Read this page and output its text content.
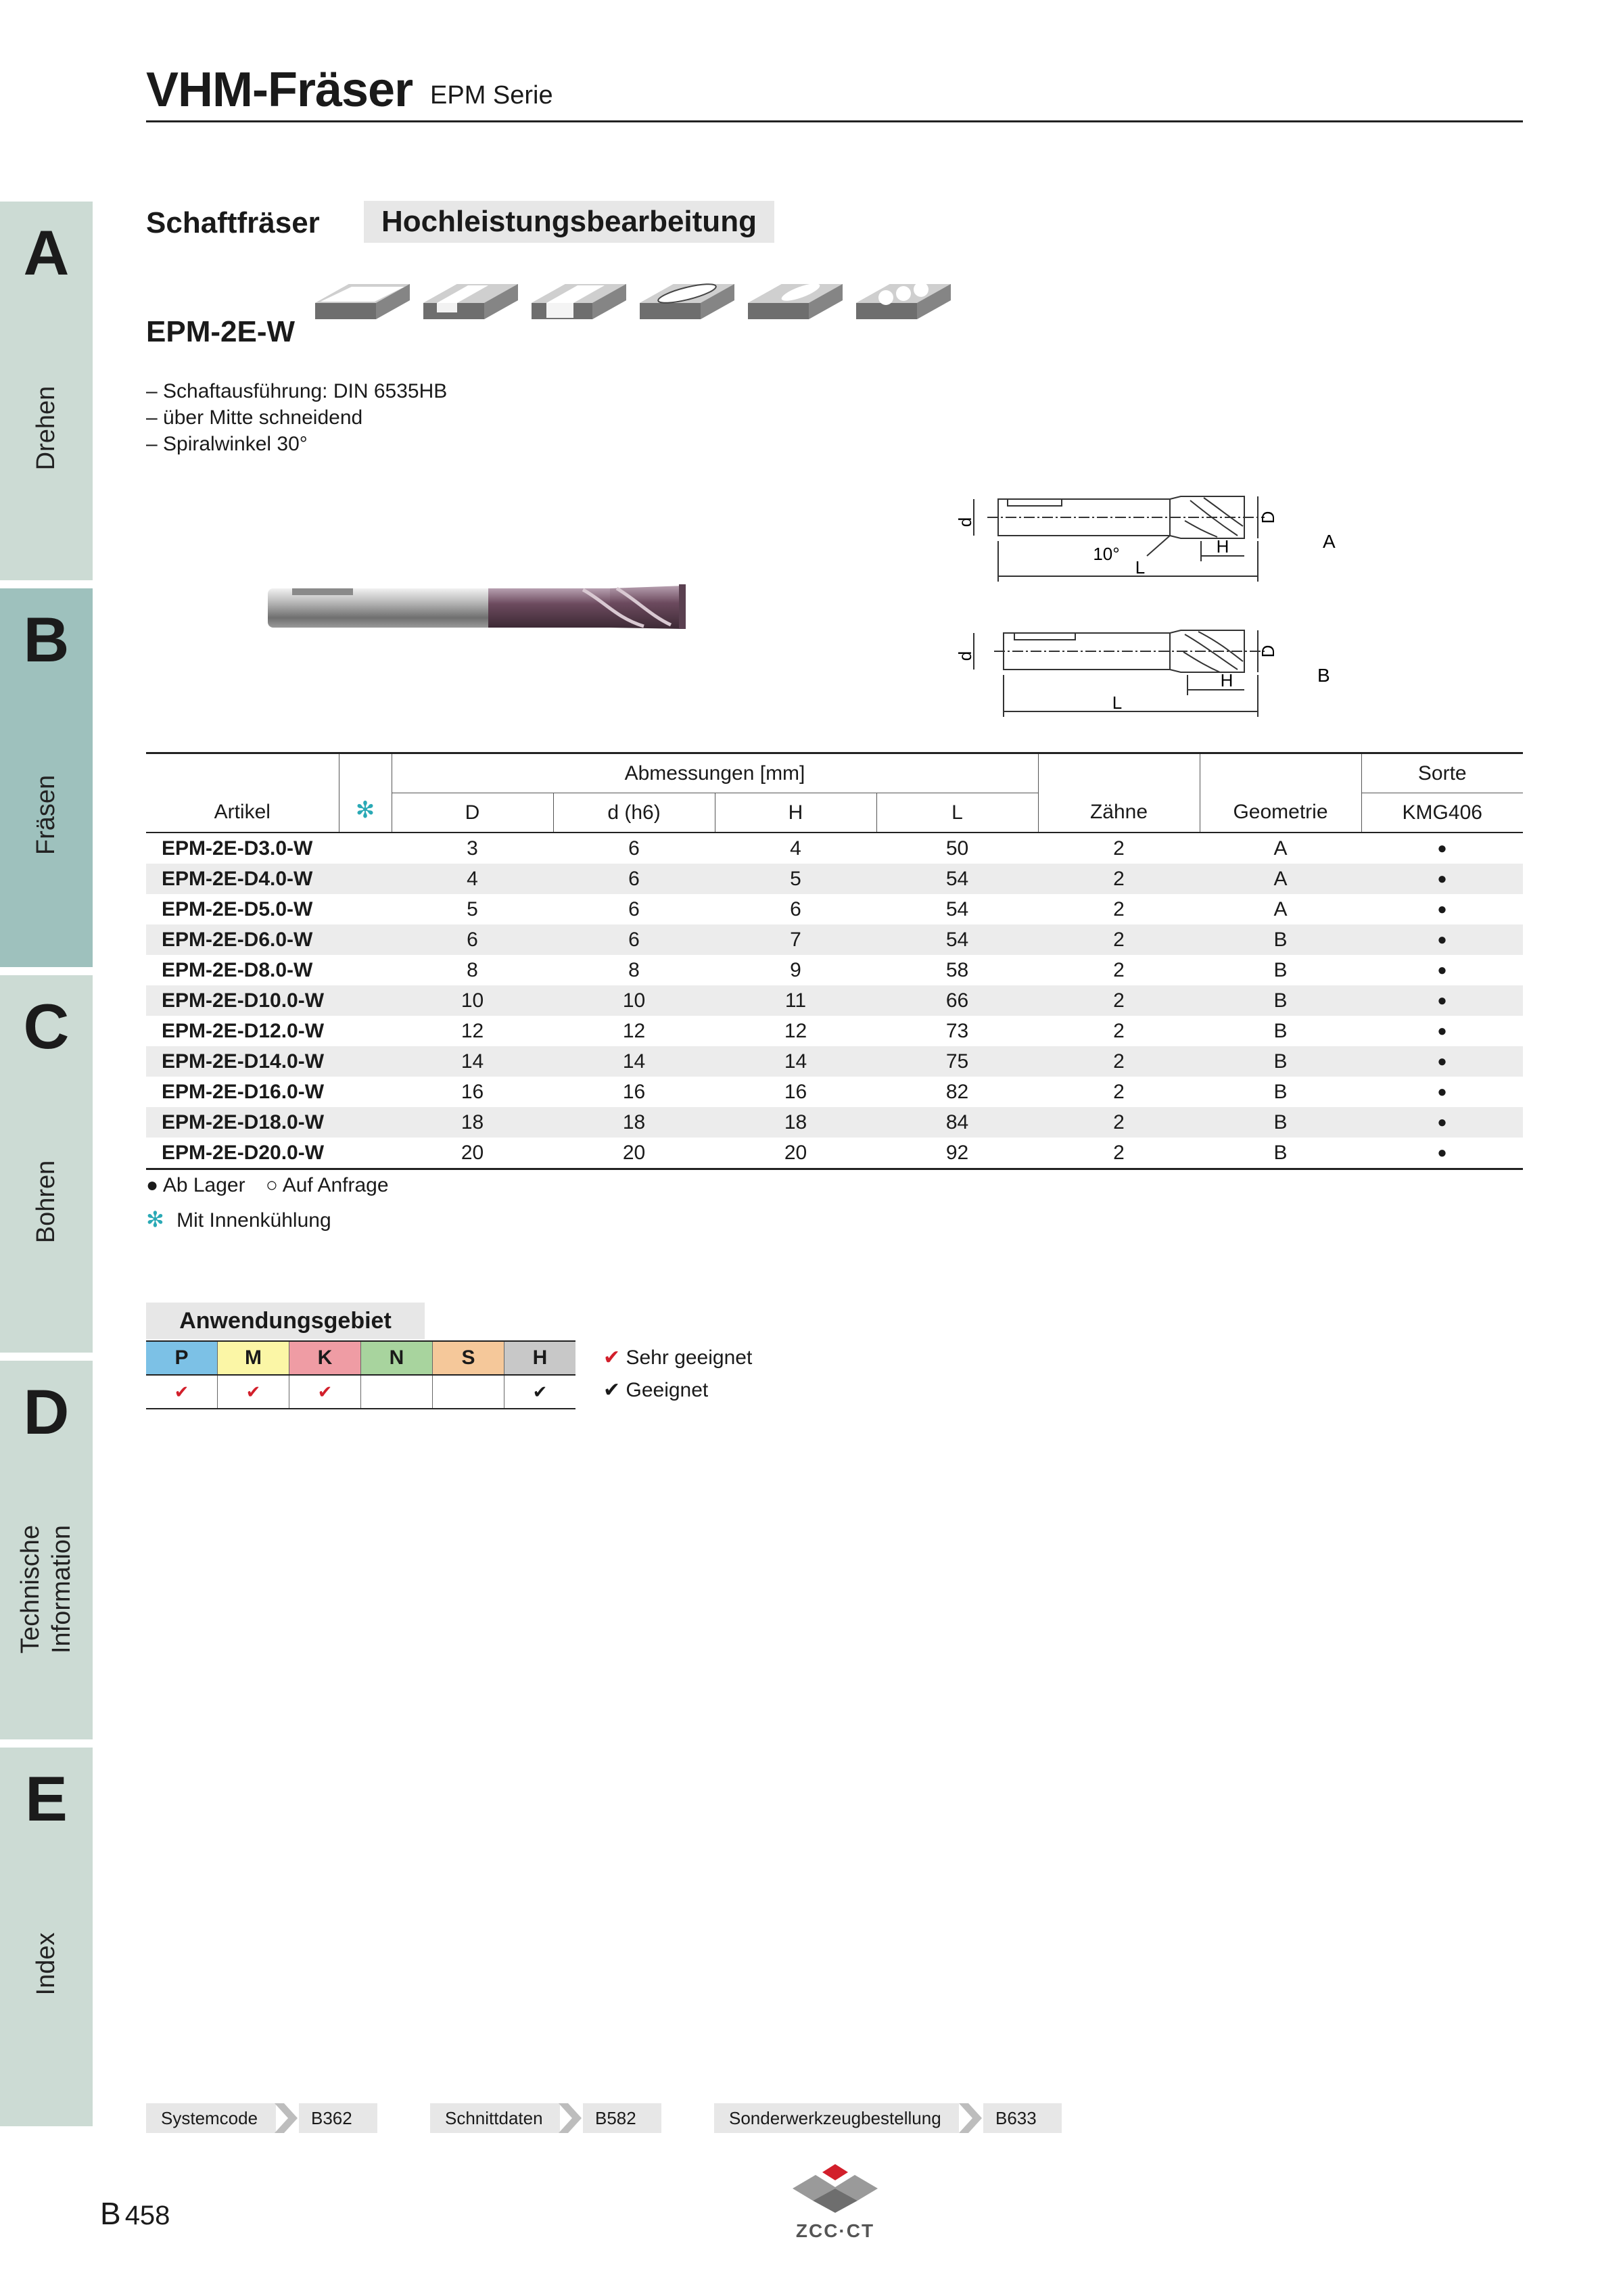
VHM-Fräser EPM Serie
A
Drehen
B
Fräsen
C
Bohren
D
Technische Information
E
Index
Schaftfräser	Hochleistungsbearbeitung
EPM-2E-W
– Schaftausführung: DIN 6535HB
– über Mitte schneidend
– Spiralwinkel 30°
d	D
H
L
10°
A
d	D
H
L
B
Artikel	✻	Abmessungen [mm]				Zähne	Geometrie	Sorte
		D	d (h6)	H	L			KMG406
EPM-2E-D3.0-W		3	6	4	50	2	A	●
EPM-2E-D4.0-W		4	6	5	54	2	A	●
EPM-2E-D5.0-W		5	6	6	54	2	A	●
EPM-2E-D6.0-W		6	6	7	54	2	B	●
EPM-2E-D8.0-W		8	8	9	58	2	B	●
EPM-2E-D10.0-W		10	10	11	66	2	B	●
EPM-2E-D12.0-W		12	12	12	73	2	B	●
EPM-2E-D14.0-W		14	14	14	75	2	B	●
EPM-2E-D16.0-W		16	16	16	82	2	B	●
EPM-2E-D18.0-W		18	18	18	84	2	B	●
EPM-2E-D20.0-W		20	20	20	92	2	B	●
● Ab Lager ○ Auf Anfrage
✻ Mit Innenkühlung
Anwendungsgebiet
P	M	K	N	S	H
✔	✔	✔			✔
✔ Sehr geeignet
✔ Geeignet
Systemcode	B362	Schnittdaten	B582	Sonderwerkzeugbestellung	B633
B 458
ZCC·CT
